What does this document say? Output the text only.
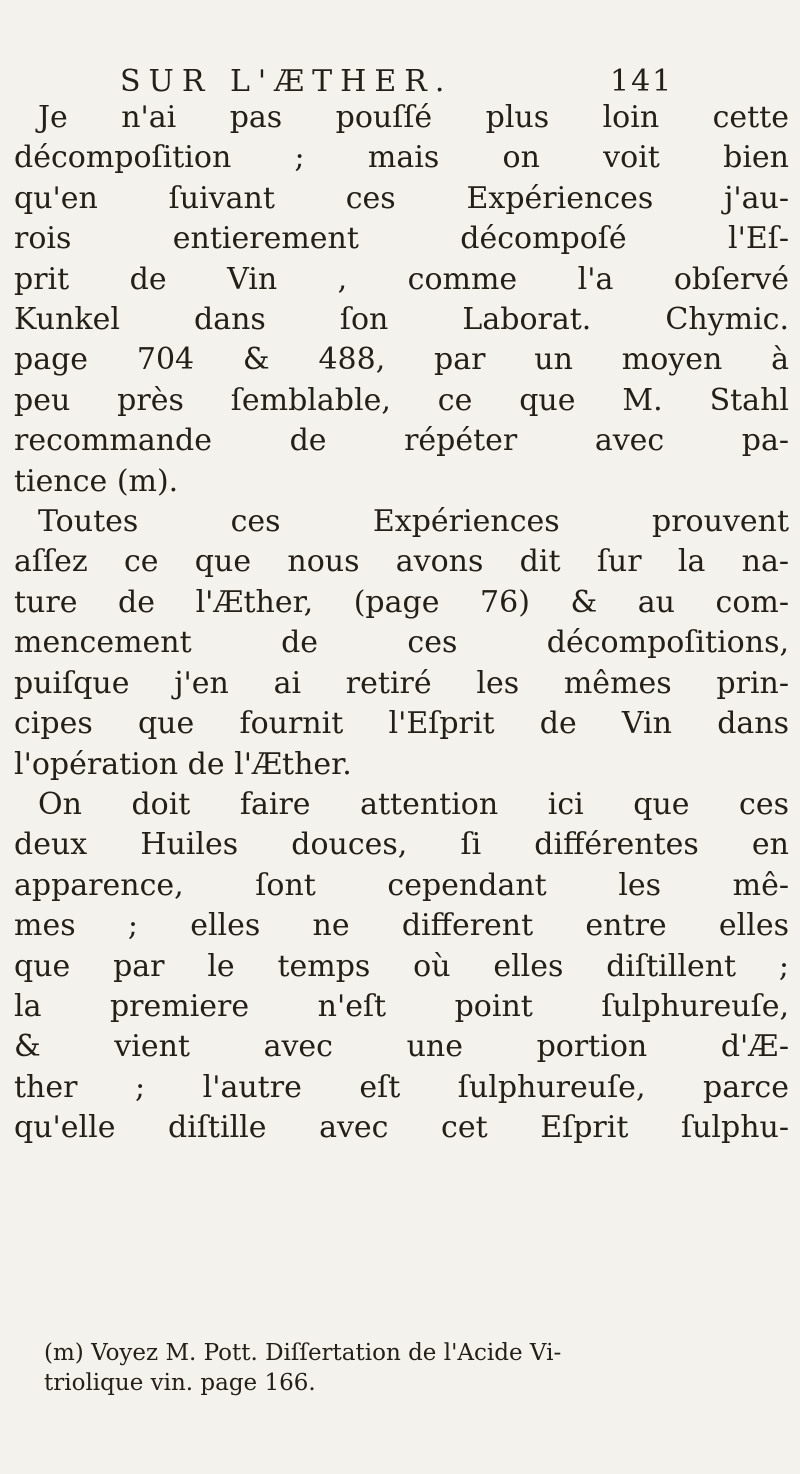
SUR L'ÆTHER.	141
Je n'ai pas pouſſé plus loin cette
décompoſition ; mais on voit bien
qu'en ſuivant ces Expériences j'au-
rois entierement décompoſé l'Eſ-
prit de Vin , comme l'a obſervé
Kunkel dans ſon Laborat. Chymic.
page 704 & 488, par un moyen à
peu près ſemblable, ce que M. Stahl
recommande de répéter avec pa-
tience (m).
Toutes ces Expériences prouvent
aſſez ce que nous avons dit ſur la na-
ture de l'Æther, (page 76) & au com-
mencement de ces décompoſitions,
puiſque j'en ai retiré les mêmes prin-
cipes que fournit l'Eſprit de Vin dans
l'opération de l'Æther.
On doit faire attention ici que ces
deux Huiles douces, ſi différentes en
apparence, ſont cependant les mê-
mes ; elles ne different entre elles
que par le temps où elles diſtillent ;
la premiere n'eſt point ſulphureuſe,
& vient avec une portion d'Æ-
ther ; l'autre eſt ſulphureuſe, parce
qu'elle diſtille avec cet Eſprit ſulphu-
(m) Voyez M. Pott. Diſſertation de l'Acide Vi-
triolique vin. page 166.
